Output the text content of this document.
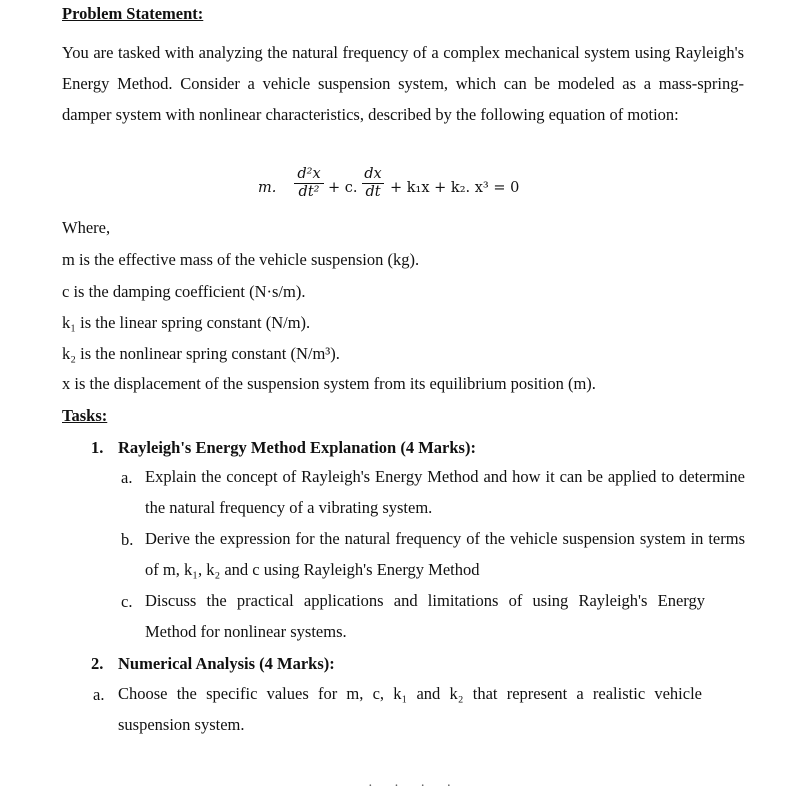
Problem Statement:
You are tasked with analyzing the natural frequency of a complex mechanical system using Rayleigh's Energy Method. Consider a vehicle suspension system, which can be modeled as a mass-spring-damper system with nonlinear characteristics, described by the following equation of motion:
m. $\frac{\text{d²x}}{\text{dt²}} + c$. $\frac{dx}{dt} + k_1x + k_2$. x³ = 0
Where,
m is the effective mass of the vehicle suspension (kg).
c is the damping coefficient (N·s/m).
k₁ is the linear spring constant (N/m).
k₂ is the nonlinear spring constant (N/m³).
x is the displacement of the suspension system from its equilibrium position (m).
Tasks:
1. Rayleigh's Energy Method Explanation (4 Marks):
a. Explain the concept of Rayleigh's Energy Method and how it can be applied to determine the natural frequency of a vibrating system.
b. Derive the expression for the natural frequency of the vehicle suspension system in terms of m, k₁, k₂ and c using Rayleigh's Energy Method
c. Discuss the practical applications and limitations of using Rayleigh's Energy Method for nonlinear systems.
2. Numerical Analysis (4 Marks):
a. Choose the specific values for m, c, k₁ and k₂ that represent a realistic vehicle suspension system.
· · · ·
